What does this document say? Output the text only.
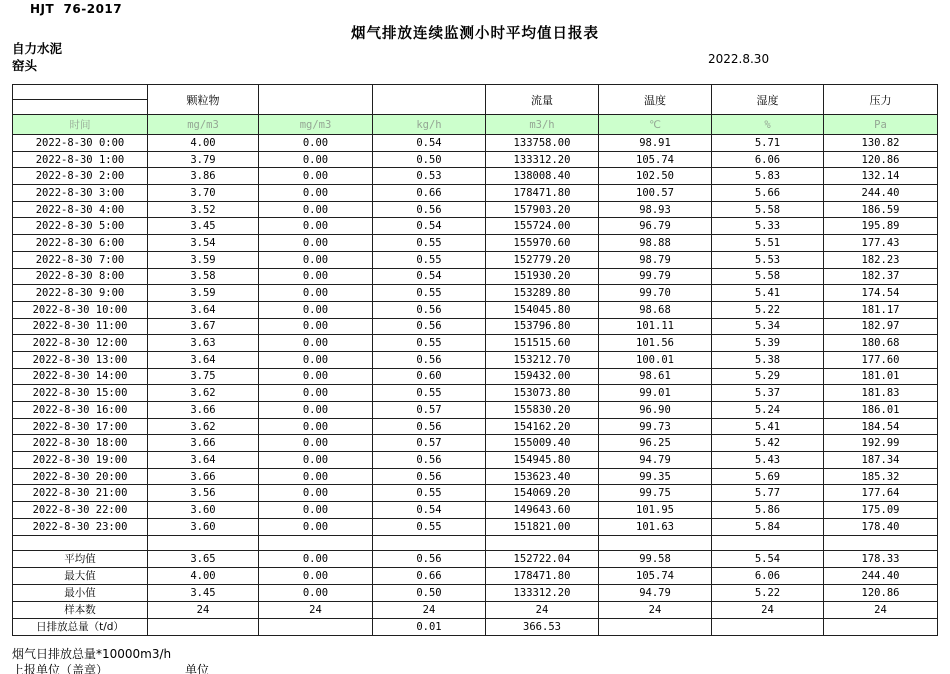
HJT  76-2017
烟气排放连续监测小时平均值日报表
自力水泥
窑头	2022.8.30
	颗粒物			流量	温度	湿度	压力

时间	mg/m3	mg/m3	kg/h	m3/h	℃	%	Pa
2022-8-30 0:00	4.00	0.00	0.54	133758.00	98.91	5.71	130.82
2022-8-30 1:00	3.79	0.00	0.50	133312.20	105.74	6.06	120.86
2022-8-30 2:00	3.86	0.00	0.53	138008.40	102.50	5.83	132.14
2022-8-30 3:00	3.70	0.00	0.66	178471.80	100.57	5.66	244.40
2022-8-30 4:00	3.52	0.00	0.56	157903.20	98.93	5.58	186.59
2022-8-30 5:00	3.45	0.00	0.54	155724.00	96.79	5.33	195.89
2022-8-30 6:00	3.54	0.00	0.55	155970.60	98.88	5.51	177.43
2022-8-30 7:00	3.59	0.00	0.55	152779.20	98.79	5.53	182.23
2022-8-30 8:00	3.58	0.00	0.54	151930.20	99.79	5.58	182.37
2022-8-30 9:00	3.59	0.00	0.55	153289.80	99.70	5.41	174.54
2022-8-30 10:00	3.64	0.00	0.56	154045.80	98.68	5.22	181.17
2022-8-30 11:00	3.67	0.00	0.56	153796.80	101.11	5.34	182.97
2022-8-30 12:00	3.63	0.00	0.55	151515.60	101.56	5.39	180.68
2022-8-30 13:00	3.64	0.00	0.56	153212.70	100.01	5.38	177.60
2022-8-30 14:00	3.75	0.00	0.60	159432.00	98.61	5.29	181.01
2022-8-30 15:00	3.62	0.00	0.55	153073.80	99.01	5.37	181.83
2022-8-30 16:00	3.66	0.00	0.57	155830.20	96.90	5.24	186.01
2022-8-30 17:00	3.62	0.00	0.56	154162.20	99.73	5.41	184.54
2022-8-30 18:00	3.66	0.00	0.57	155009.40	96.25	5.42	192.99
2022-8-30 19:00	3.64	0.00	0.56	154945.80	94.79	5.43	187.34
2022-8-30 20:00	3.66	0.00	0.56	153623.40	99.35	5.69	185.32
2022-8-30 21:00	3.56	0.00	0.55	154069.20	99.75	5.77	177.64
2022-8-30 22:00	3.60	0.00	0.54	149643.60	101.95	5.86	175.09
2022-8-30 23:00	3.60	0.00	0.55	151821.00	101.63	5.84	178.40

平均值	3.65	0.00	0.56	152722.04	99.58	5.54	178.33
最大值	4.00	0.00	0.66	178471.80	105.74	6.06	244.40
最小值	3.45	0.00	0.50	133312.20	94.79	5.22	120.86
样本数	24	24	24	24	24	24	24
日排放总量（t/d）			0.01	366.53			
烟气日排放总量*10000m3/h
上报单位（盖章）	单位
